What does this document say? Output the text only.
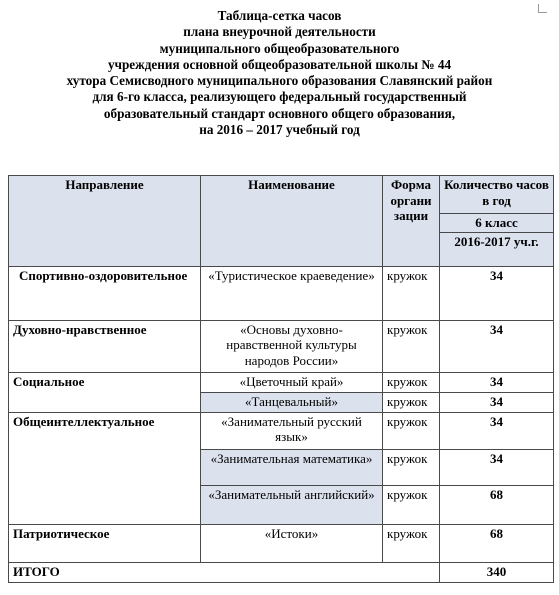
Таблица-сетка часов
плана внеурочной деятельности
муниципального общеобразовательного
учреждения основной общеобразовательной школы № 44
хутора Семисводного муниципального образования Славянский район
для 6-го класса, реализующего федеральный государственный
образовательный стандарт основного общего образования,
на 2016 – 2017 учебный год
Направление	Наименование	Форма органи зации	Количество часов в год
			6 класс
			2016-2017 уч.г.
Спортивно-оздоровительное	«Туристическое краеведение»	кружок	34
Духовно-нравственное	«Основы духовно-нравственной культуры народов России»	кружок	34
Социальное	«Цветочный край»	кружок	34
	«Танцевальный»	кружок	34
Общеинтеллектуальное	«Занимательный русский язык»	кружок	34
	«Занимательная математика»	кружок	34
	«Занимательный английский»	кружок	68
Патриотическое	«Истоки»	кружок	68
ИТОГО			340
